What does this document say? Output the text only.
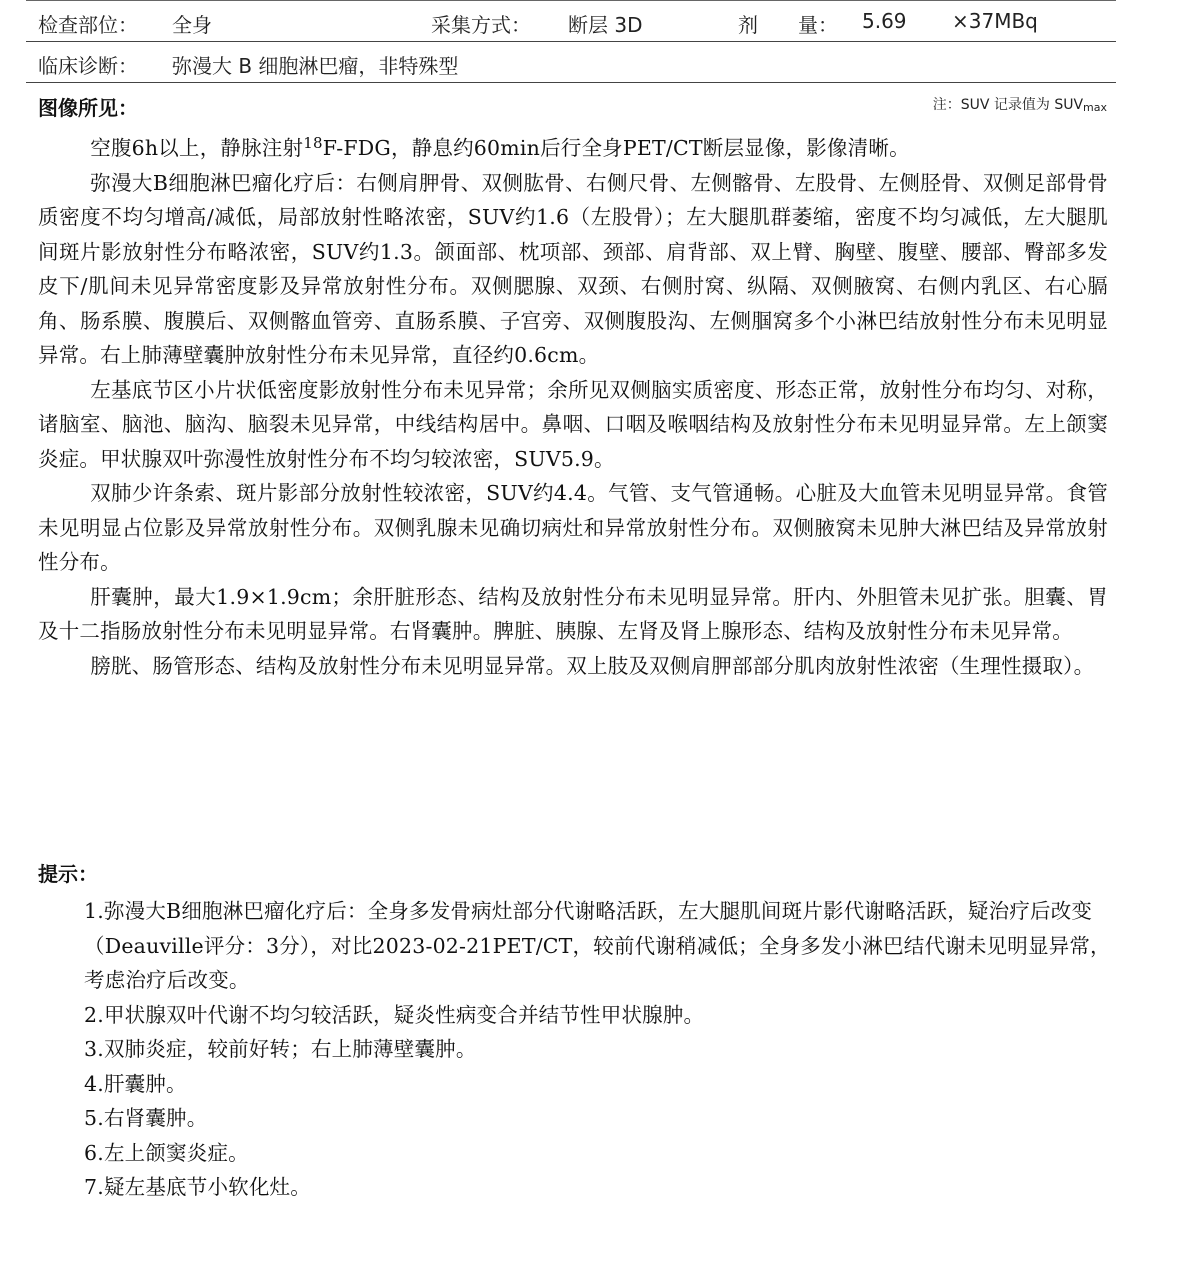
检查部位： 全身	采集方式： 断层 3D	剂　　量： 5.69 ×37MBq
临床诊断： 弥漫大 B 细胞淋巴瘤，非特殊型
图像所见：	注：SUV 记录值为 $SUV_{max}$

空腹6h以上，静脉注射$^{18}$F-FDG，静息约60min后行全身PET/CT断层显像，影像清晰。

弥漫大B细胞淋巴瘤化疗后：右侧肩胛骨、双侧肱骨、右侧尺骨、左侧髂骨、左股骨、左侧胫骨、双侧足部骨骨质密度不均匀增高/减低，局部放射性略浓密，SUV约1.6（左股骨）；左大腿肌群萎缩，密度不均匀减低，左大腿肌间斑片影放射性分布略浓密，SUV约1.3。颌面部、枕项部、颈部、肩背部、双上臂、胸壁、腹壁、腰部、臀部多发皮下/肌间未见异常密度影及异常放射性分布。双侧腮腺、双颈、右侧肘窝、纵隔、双侧腋窝、右侧内乳区、右心膈角、肠系膜、腹膜后、双侧髂血管旁、直肠系膜、子宫旁、双侧腹股沟、左侧腘窝多个小淋巴结放射性分布未见明显异常。右上肺薄壁囊肿放射性分布未见异常，直径约0.6cm。

左基底节区小片状低密度影放射性分布未见异常；余所见双侧脑实质密度、形态正常，放射性分布均匀、对称，诸脑室、脑池、脑沟、脑裂未见异常，中线结构居中。鼻咽、口咽及喉咽结构及放射性分布未见明显异常。左上颌窦炎症。甲状腺双叶弥漫性放射性分布不均匀较浓密，SUV5.9。

双肺少许条索、斑片影部分放射性较浓密，SUV约4.4。气管、支气管通畅。心脏及大血管未见明显异常。食管未见明显占位影及异常放射性分布。双侧乳腺未见确切病灶和异常放射性分布。双侧腋窝未见肿大淋巴结及异常放射性分布。

肝囊肿，最大1.9×1.9cm；余肝脏形态、结构及放射性分布未见明显异常。肝内、外胆管未见扩张。胆囊、胃及十二指肠放射性分布未见明显异常。右肾囊肿。脾脏、胰腺、左肾及肾上腺形态、结构及放射性分布未见异常。

膀胱、肠管形态、结构及放射性分布未见明显异常。双上肢及双侧肩胛部部分肌肉放射性浓密（生理性摄取）。

提示：

1.弥漫大B细胞淋巴瘤化疗后：全身多发骨病灶部分代谢略活跃，左大腿肌间斑片影代谢略活跃，疑治疗后改变（Deauville评分：3分），对比2023-02-21PET/CT，较前代谢稍减低；全身多发小淋巴结代谢未见明显异常，考虑治疗后改变。

2.甲状腺双叶代谢不均匀较活跃，疑炎性病变合并结节性甲状腺肿。

3.双肺炎症，较前好转；右上肺薄壁囊肿。

4.肝囊肿。

5.右肾囊肿。

6.左上颌窦炎症。

7.疑左基底节小软化灶。
